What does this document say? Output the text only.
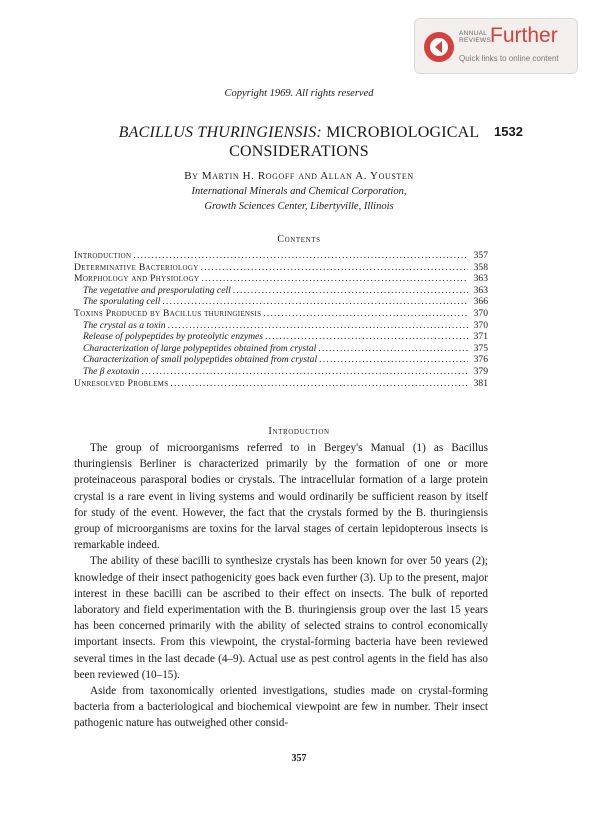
ANNUAL
REVIEWS
Further
Quick links to online content
Copyright 1969. All rights reserved
BACILLUS THURINGIENSIS: MICROBIOLOGICAL	1532
CONSIDERATIONS
By Martin H. Rogoff and Allan A. Yousten
International Minerals and Chemical Corporation,
Growth Sciences Center, Libertyville, Illinois
Contents
Introduction .....	357
Determinative Bacteriology .....	358
Morphology and Physiology .....	363
The vegetative and presporulating cell .....	363
The sporulating cell .....	366
Toxins Produced by Bacillus thuringiensis .....	370
The crystal as a toxin .....	370
Release of polypeptides by proteolytic enzymes .....	371
Characterization of large polypeptides obtained from crystal .....	375
Characterization of small polypeptides obtained from crystal .....	376
The β exotoxin .....	379
Unresolved Problems .....	381
Introduction

The group of microorganisms referred to in Bergey's Manual (1) as Bacillus thuringiensis Berliner is characterized primarily by the formation of one or more proteinaceous parasporal bodies or crystals. The intracellular formation of a large protein crystal is a rare event in living systems and would ordinarily be sufficient reason by itself for study of the event. However, the fact that the crystals formed by the B. thuringiensis group of microorganisms are toxins for the larval stages of certain lepidopterous insects is remarkable indeed.

The ability of these bacilli to synthesize crystals has been known for over 50 years (2); knowledge of their insect pathogenicity goes back even further (3). Up to the present, major interest in these bacilli can be ascribed to their effect on insects. The bulk of reported laboratory and field experimentation with the B. thuringiensis group over the last 15 years has been concerned primarily with the ability of selected strains to control economically important insects. From this viewpoint, the crystal-forming bacteria have been reviewed several times in the last decade (4–9). Actual use as pest control agents in the field has also been reviewed (10–15).

Aside from taxonomically oriented investigations, studies made on crystal-forming bacteria from a bacteriological and biochemical viewpoint are few in number. Their insect pathogenic nature has outweighed other consid-

357
